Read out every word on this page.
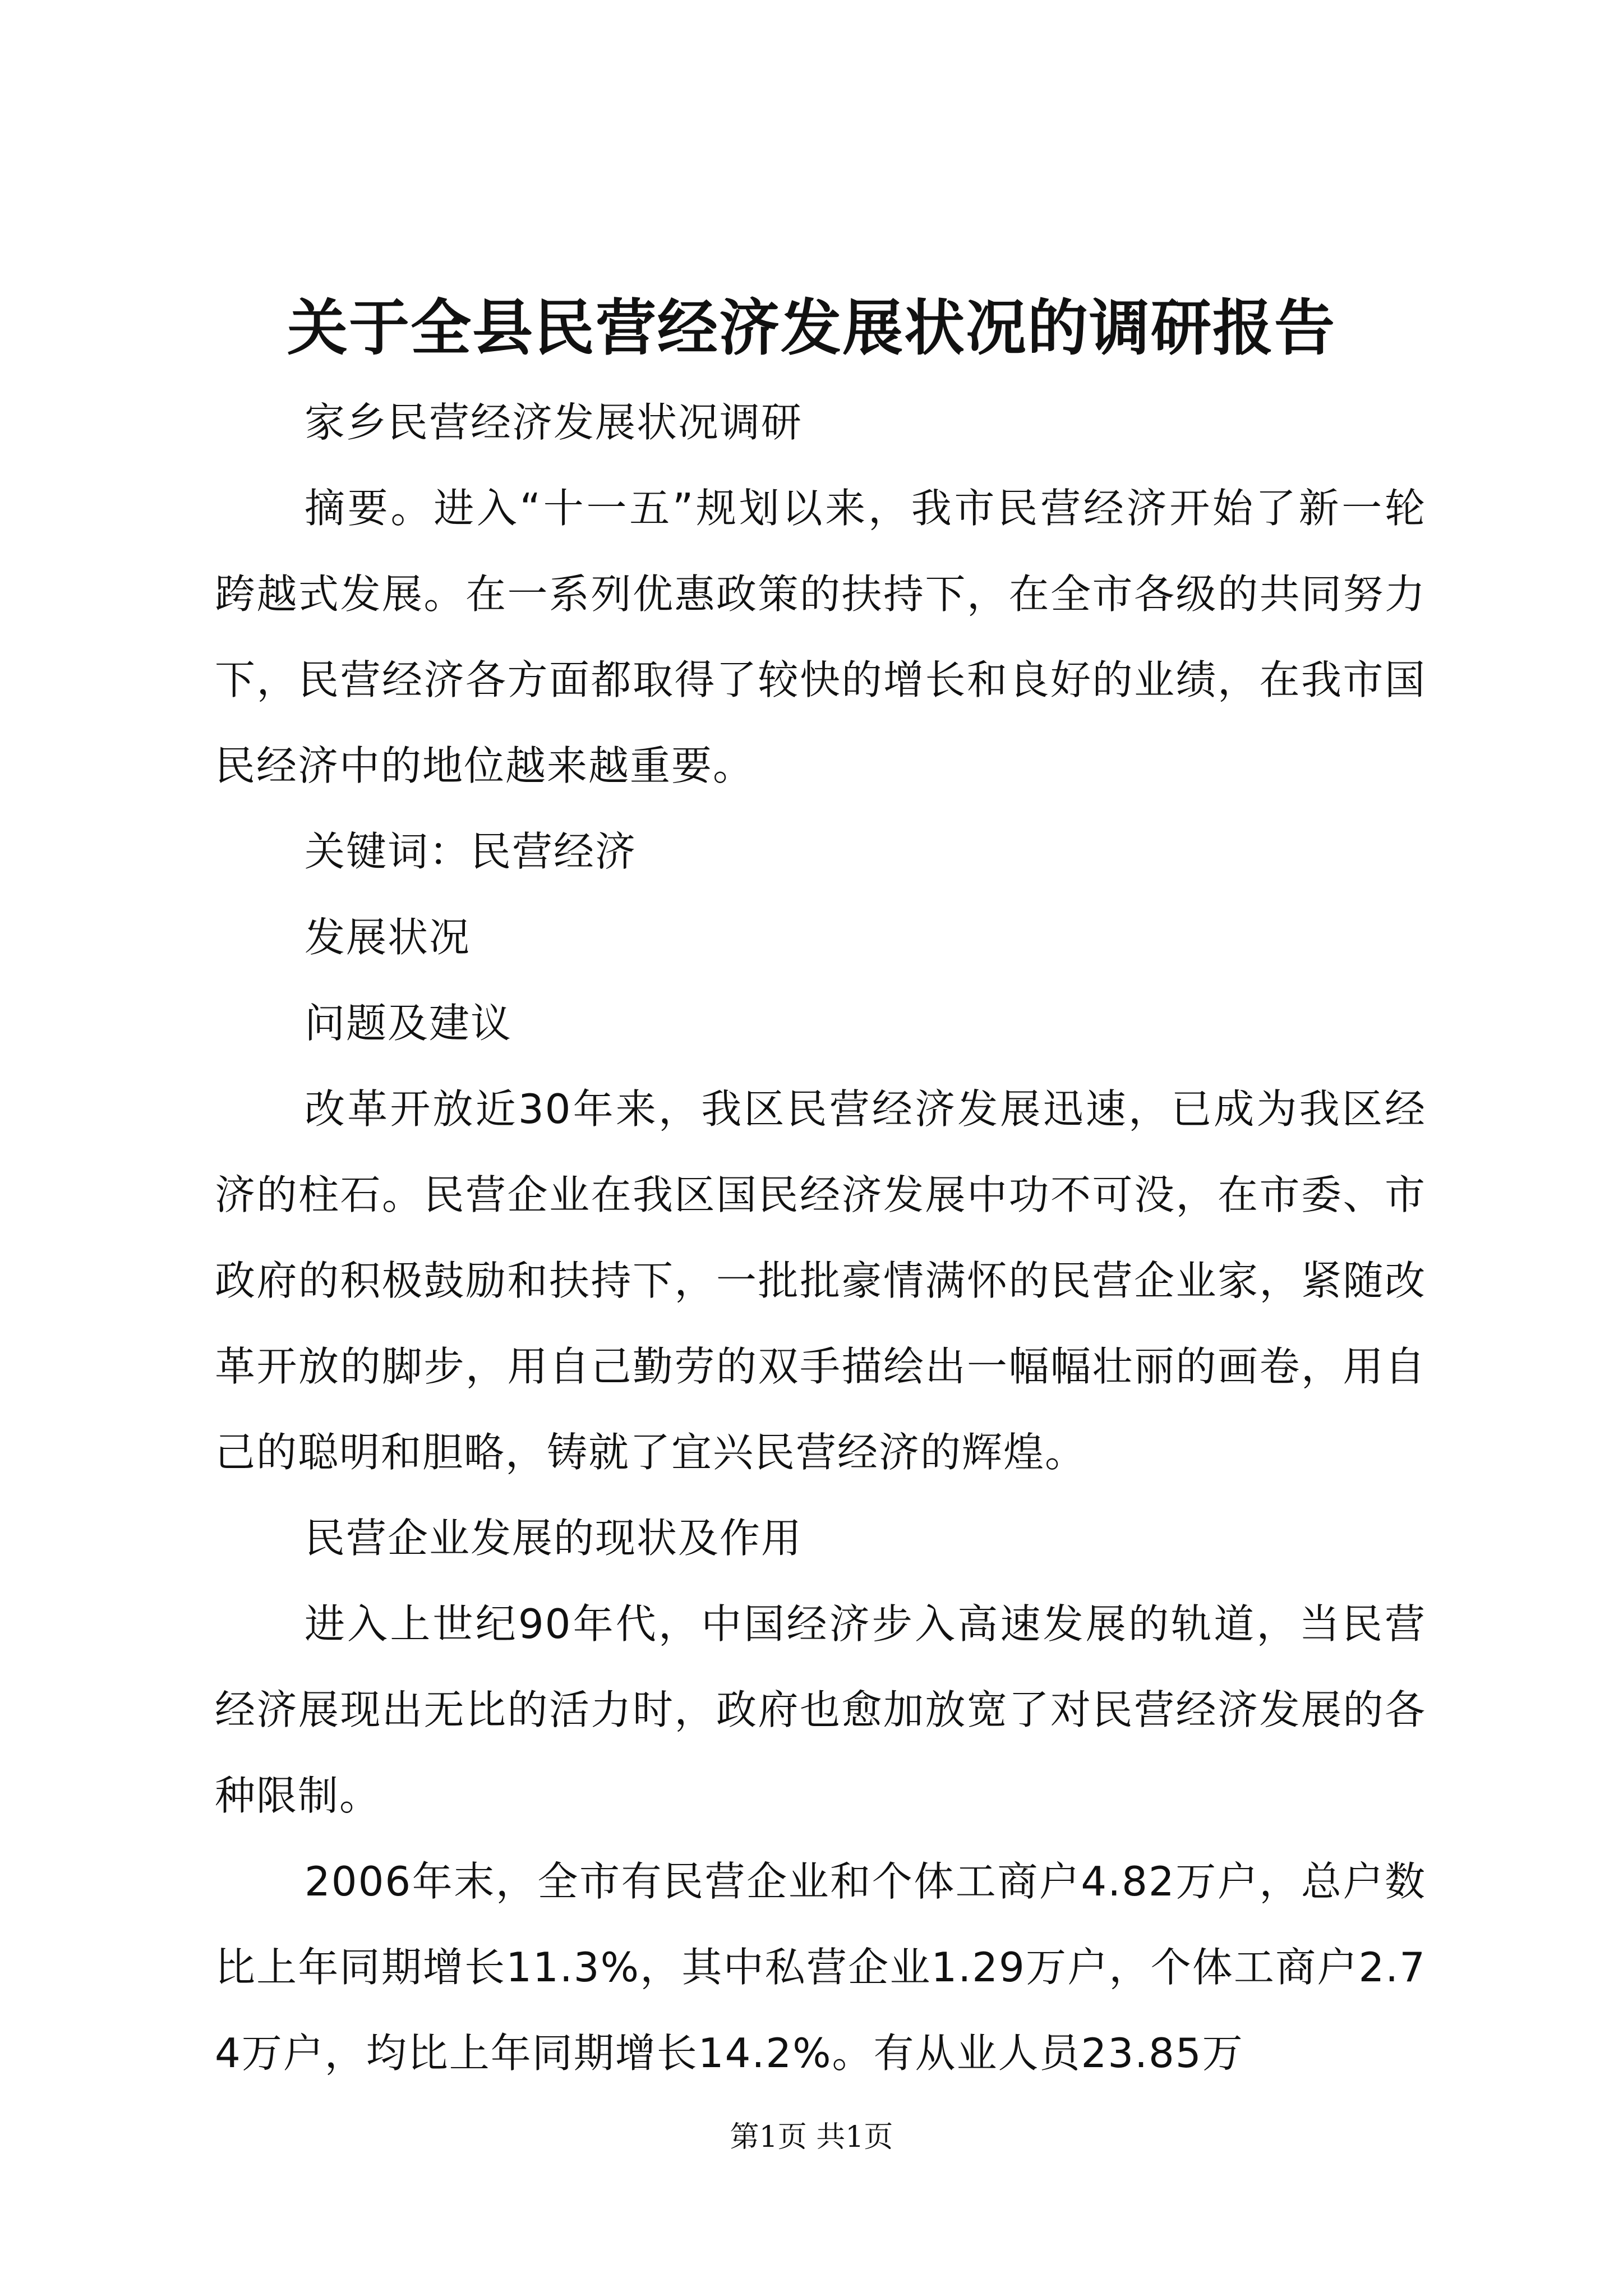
关于全县民营经济发展状况的调研报告

家乡民营经济发展状况调研

摘要。进入“十一五”规划以来，我市民营经济开始了新一轮跨越式发展。在一系列优惠政策的扶持下，在全市各级的共同努力下，民营经济各方面都取得了较快的增长和良好的业绩，在我市国民经济中的地位越来越重要。

关键词：民营经济

发展状况

问题及建议

改革开放近30年来，我区民营经济发展迅速，已成为我区经济的柱石。民营企业在我区国民经济发展中功不可没，在市委、市政府的积极鼓励和扶持下，一批批豪情满怀的民营企业家，紧随改革开放的脚步，用自己勤劳的双手描绘出一幅幅壮丽的画卷，用自己的聪明和胆略，铸就了宜兴民营经济的辉煌。

民营企业发展的现状及作用

进入上世纪90年代，中国经济步入高速发展的轨道，当民营经济展现出无比的活力时，政府也愈加放宽了对民营经济发展的各种限制。

2006年末，全市有民营企业和个体工商户4.82万户，总户数比上年同期增长11.3%，其中私营企业1.29万户，个体工商户2.74万户，均比上年同期增长14.2%。有从业人员23.85万

第1页 共1页
